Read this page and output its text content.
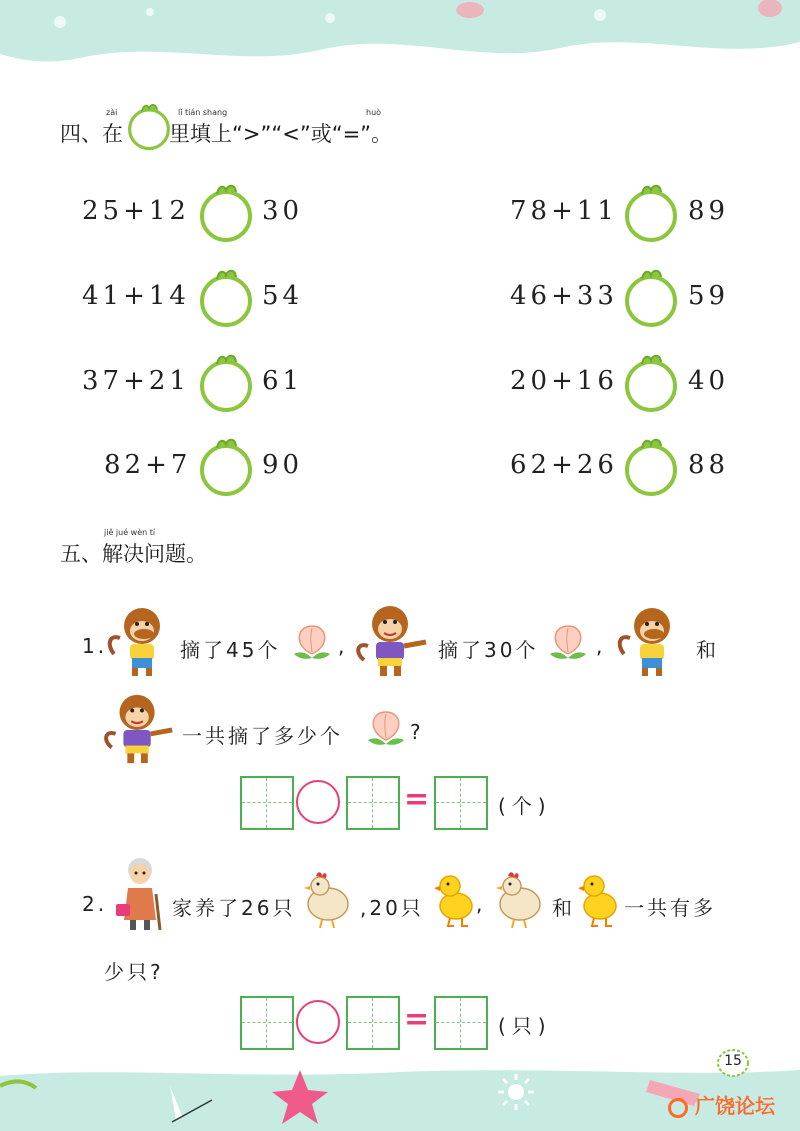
四、在 里填上“>”“<”或“=”。
zài	lǐ tián shang	huò
25+12	30	78+11	89
41+14	54	46+33	59
37+21	61	20+16	40
82+7	90	62+26	88
jiě jué wèn tí
五、解决问题。
1.	摘了45个	,	摘了30个	,	和
一共摘了多少个	?
=	(个)
2.	家养了26只	,20只	,	和 一共有多
少只?
=	(只)
15
广饶论坛
